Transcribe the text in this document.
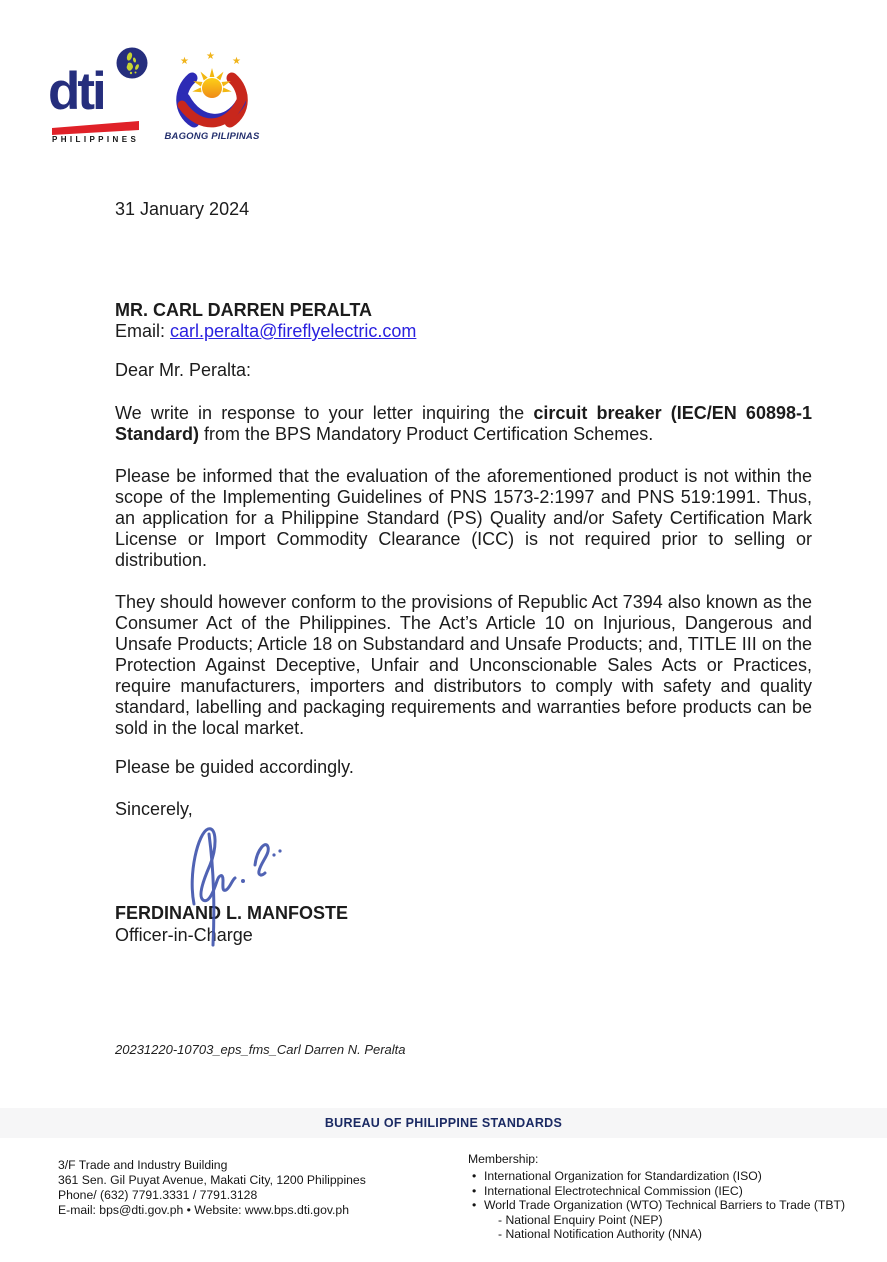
dti
PHILIPPINES
★ ★ ★
BAGONG PILIPINAS
31 January 2024
MR. CARL DARREN PERALTA
Email: carl.peralta@fireflyelectric.com
Dear Mr. Peralta:

We write in response to your letter inquiring the circuit breaker (IEC/EN 60898-1 Standard) from the BPS Mandatory Product Certification Schemes.

Please be informed that the evaluation of the aforementioned product is not within the scope of the Implementing Guidelines of PNS 1573-2:1997 and PNS 519:1991. Thus, an application for a Philippine Standard (PS) Quality and/or Safety Certification Mark License or Import Commodity Clearance (ICC) is not required prior to selling or distribution.

They should however conform to the provisions of Republic Act 7394 also known as the Consumer Act of the Philippines. The Act’s Article 10 on Injurious, Dangerous and Unsafe Products; Article 18 on Substandard and Unsafe Products; and, TITLE III on the Protection Against Deceptive, Unfair and Unconscionable Sales Acts or Practices, require manufacturers, importers and distributors to comply with safety and quality standard, labelling and packaging requirements and warranties before products can be sold in the local market.

Please be guided accordingly.

Sincerely,

FERDINAND L. MANFOSTE
Officer-in-Charge
20231220-10703_eps_fms_Carl Darren N. Peralta
BUREAU OF PHILIPPINE STANDARDS
3/F Trade and Industry Building
361 Sen. Gil Puyat Avenue, Makati City, 1200 Philippines
Phone/ (632) 7791.3331 / 7791.3128
E-mail: bps@dti.gov.ph • Website: www.bps.dti.gov.ph
Membership:
• International Organization for Standardization (ISO)
• International Electrotechnical Commission (IEC)
• World Trade Organization (WTO) Technical Barriers to Trade (TBT)
- National Enquiry Point (NEP)
- National Notification Authority (NNA)
